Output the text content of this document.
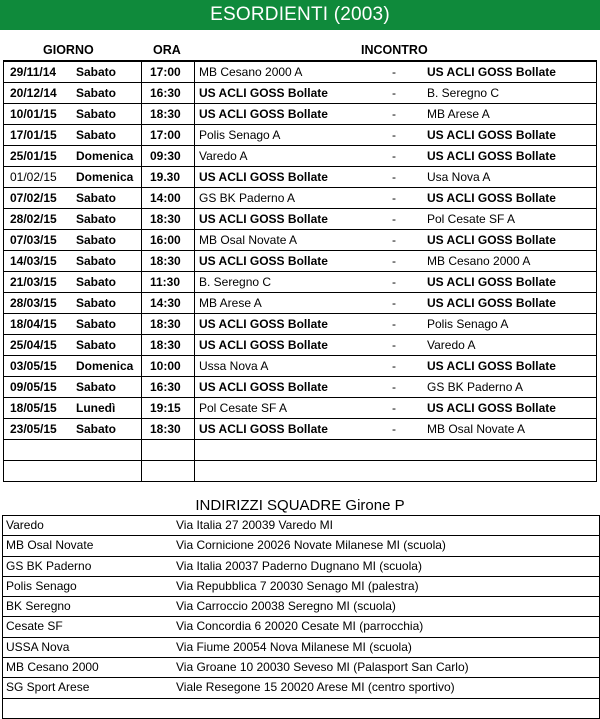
ESORDIENTI (2003)
GIORNO	ORA	INCONTRO
29/11/14	Sabato	17:00 MB Cesano 2000 A	-	US ACLI GOSS Bollate
20/12/14	Sabato	16:30 US ACLI GOSS Bollate	-	B. Seregno C
10/01/15	Sabato	18:30 US ACLI GOSS Bollate	-	MB Arese A
17/01/15	Sabato	17:00 Polis Senago A	-	US ACLI GOSS Bollate
25/01/15	Domenica 09:30 Varedo A	-	US ACLI GOSS Bollate
01/02/15	Domenica 19.30 US ACLI GOSS Bollate	-	Usa Nova A
07/02/15	Sabato	14:00 GS BK Paderno A	-	US ACLI GOSS Bollate
28/02/15	Sabato	18:30 US ACLI GOSS Bollate	-	Pol Cesate SF A
07/03/15	Sabato	16:00 MB Osal Novate A	-	US ACLI GOSS Bollate
14/03/15	Sabato	18:30 US ACLI GOSS Bollate	-	MB Cesano 2000 A
21/03/15	Sabato	11:30 B. Seregno C	-	US ACLI GOSS Bollate
28/03/15	Sabato	14:30 MB Arese A	-	US ACLI GOSS Bollate
18/04/15	Sabato	18:30 US ACLI GOSS Bollate	-	Polis Senago A
25/04/15	Sabato	18:30 US ACLI GOSS Bollate	-	Varedo A
03/05/15	Domenica 10:00 Ussa Nova A	-	US ACLI GOSS Bollate
09/05/15	Sabato	16:30 US ACLI GOSS Bollate	-	GS BK Paderno A
18/05/15	Lunedì	19:15 Pol Cesate SF A	-	US ACLI GOSS Bollate
23/05/15	Sabato	18:30 US ACLI GOSS Bollate	-	MB Osal Novate A
INDIRIZZI SQUADRE Girone P
Varedo	Via Italia 27 20039 Varedo MI
MB Osal Novate	Via Cornicione 20026 Novate Milanese MI (scuola)
GS BK Paderno	Via Italia 20037 Paderno Dugnano MI (scuola)
Polis Senago	Via Repubblica 7 20030 Senago MI (palestra)
BK Seregno	Via Carroccio 20038 Seregno MI (scuola)
Cesate SF	Via Concordia 6 20020 Cesate MI (parrocchia)
USSA Nova	Via Fiume 20054 Nova Milanese MI (scuola)
MB Cesano 2000	Via Groane 10 20030 Seveso MI (Palasport San Carlo)
SG Sport Arese	Viale Resegone 15 20020 Arese MI (centro sportivo)
